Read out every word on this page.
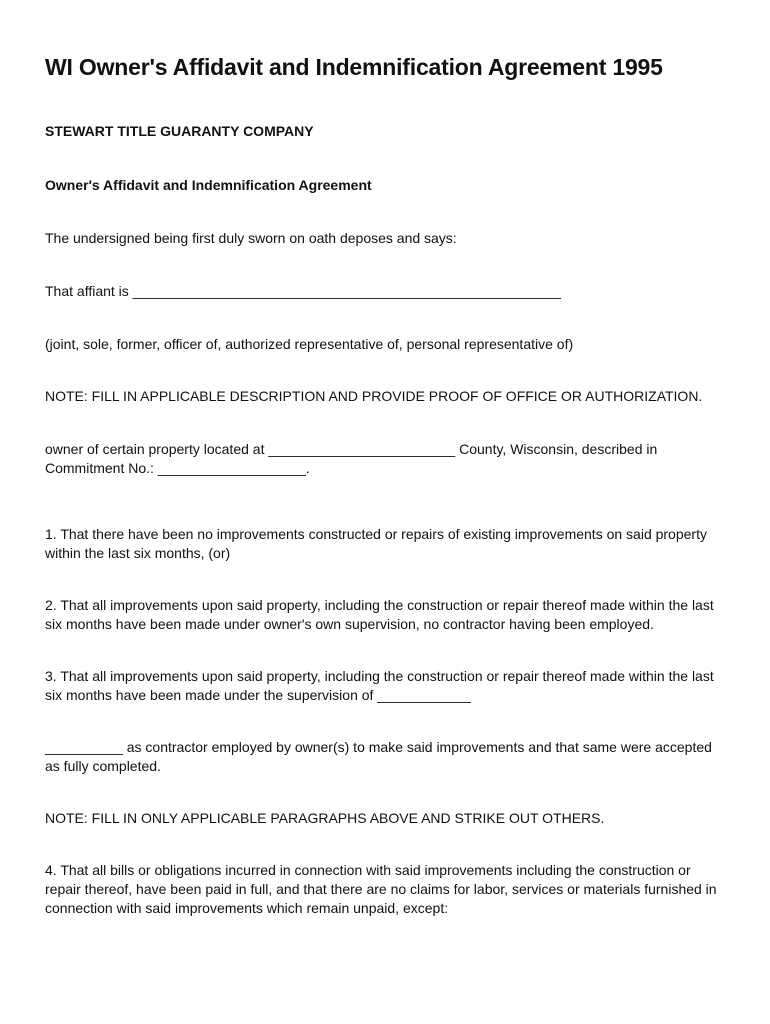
WI Owner's Affidavit and Indemnification Agreement 1995
STEWART TITLE GUARANTY COMPANY
Owner's Affidavit and Indemnification Agreement

The undersigned being first duly sworn on oath deposes and says:

That affiant is _______________________________________________________

(joint, sole, former, officer of, authorized representative of, personal representative of)

NOTE: FILL IN APPLICABLE DESCRIPTION AND PROVIDE PROOF OF OFFICE OR AUTHORIZATION.

owner of certain property located at ________________________ County, Wisconsin, described in Commitment No.: ___________________.

1. That there have been no improvements constructed or repairs of existing improvements on said property within the last six months, (or)

2. That all improvements upon said property, including the construction or repair thereof made within the last six months have been made under owner's own supervision, no contractor having been employed.

3. That all improvements upon said property, including the construction or repair thereof made within the last six months have been made under the supervision of ____________

__________ as contractor employed by owner(s) to make said improvements and that same were accepted as fully completed.

NOTE: FILL IN ONLY APPLICABLE PARAGRAPHS ABOVE AND STRIKE OUT OTHERS.

4. That all bills or obligations incurred in connection with said improvements including the construction or repair thereof, have been paid in full, and that there are no claims for labor, services or materials furnished in connection with said improvements which remain unpaid, except:
